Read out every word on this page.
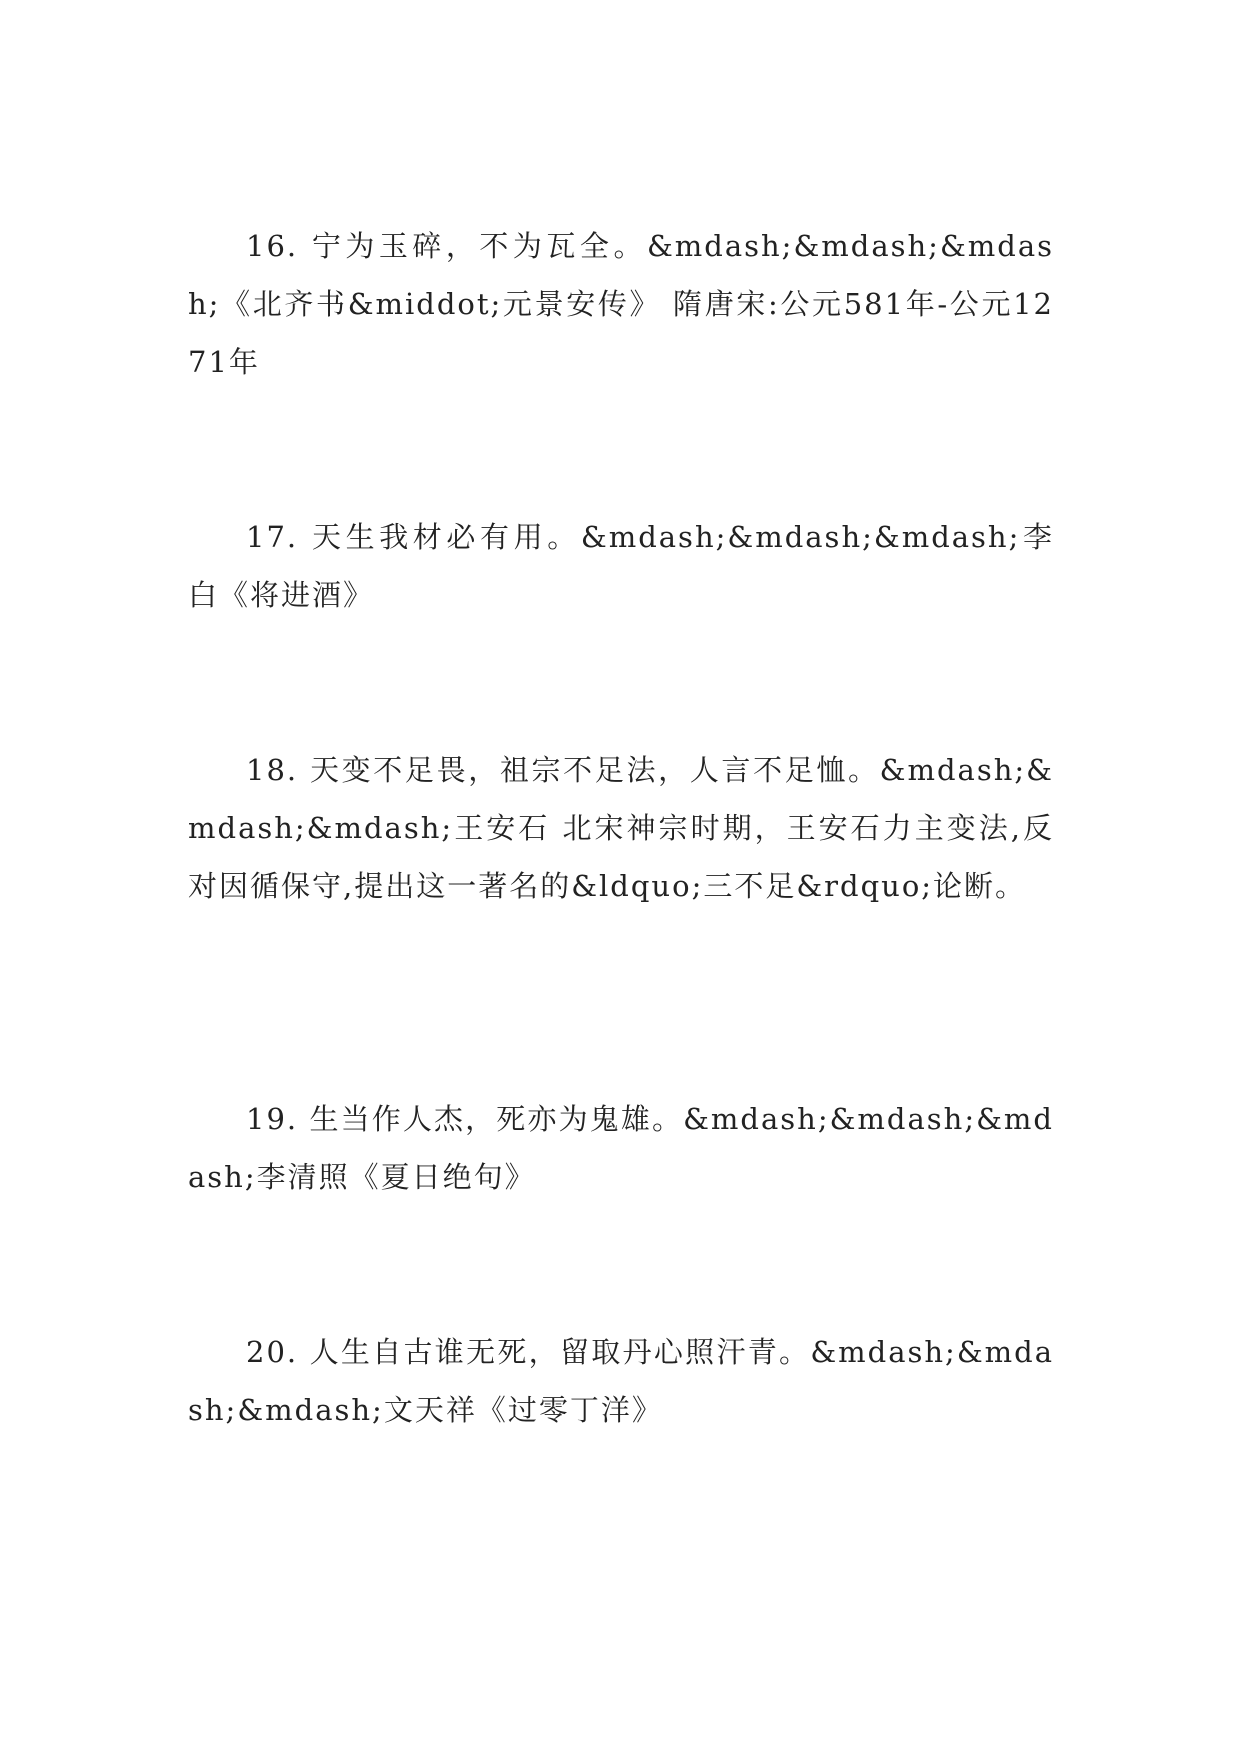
16. 宁为玉碎，不为瓦全。&mdash;&mdash;&mdash;《北齐书&middot;元景安传》 隋唐宋:公元581年-公元1271年

17. 天生我材必有用。&mdash;&mdash;&mdash;李白《将进酒》

18. 天变不足畏，祖宗不足法，人言不足恤。&mdash;&mdash;&mdash;王安石 北宋神宗时期，王安石力主变法,反对因循保守,提出这一著名的&ldquo;三不足&rdquo;论断。

19. 生当作人杰，死亦为鬼雄。&mdash;&mdash;&mdash;李清照《夏日绝句》

20. 人生自古谁无死，留取丹心照汗青。&mdash;&mdash;&mdash;文天祥《过零丁洋》
